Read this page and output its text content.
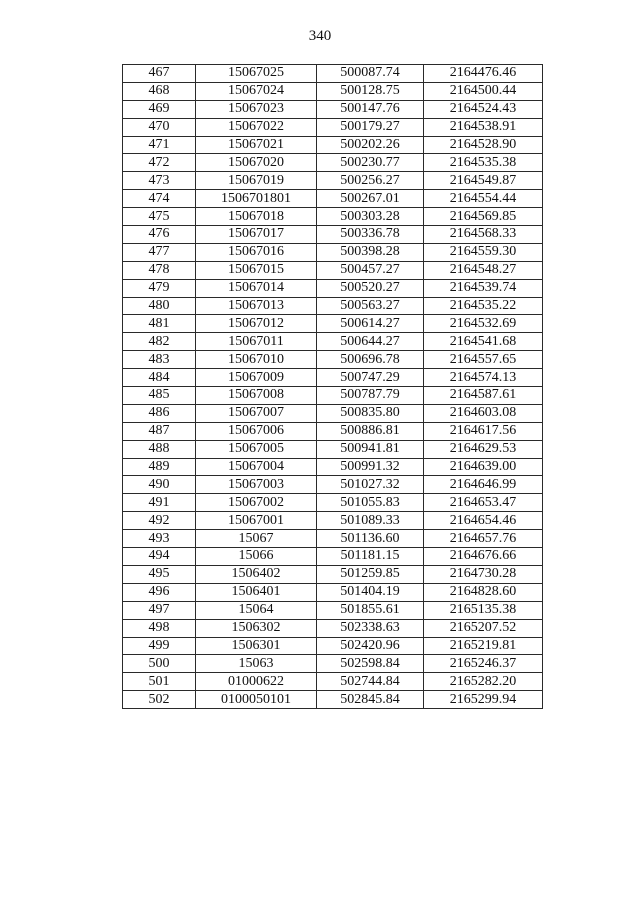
340
467	15067025	500087.74	2164476.46
468	15067024	500128.75	2164500.44
469	15067023	500147.76	2164524.43
470	15067022	500179.27	2164538.91
471	15067021	500202.26	2164528.90
472	15067020	500230.77	2164535.38
473	15067019	500256.27	2164549.87
474	1506701801	500267.01	2164554.44
475	15067018	500303.28	2164569.85
476	15067017	500336.78	2164568.33
477	15067016	500398.28	2164559.30
478	15067015	500457.27	2164548.27
479	15067014	500520.27	2164539.74
480	15067013	500563.27	2164535.22
481	15067012	500614.27	2164532.69
482	15067011	500644.27	2164541.68
483	15067010	500696.78	2164557.65
484	15067009	500747.29	2164574.13
485	15067008	500787.79	2164587.61
486	15067007	500835.80	2164603.08
487	15067006	500886.81	2164617.56
488	15067005	500941.81	2164629.53
489	15067004	500991.32	2164639.00
490	15067003	501027.32	2164646.99
491	15067002	501055.83	2164653.47
492	15067001	501089.33	2164654.46
493	15067	501136.60	2164657.76
494	15066	501181.15	2164676.66
495	1506402	501259.85	2164730.28
496	1506401	501404.19	2164828.60
497	15064	501855.61	2165135.38
498	1506302	502338.63	2165207.52
499	1506301	502420.96	2165219.81
500	15063	502598.84	2165246.37
501	01000622	502744.84	2165282.20
502	0100050101	502845.84	2165299.94
